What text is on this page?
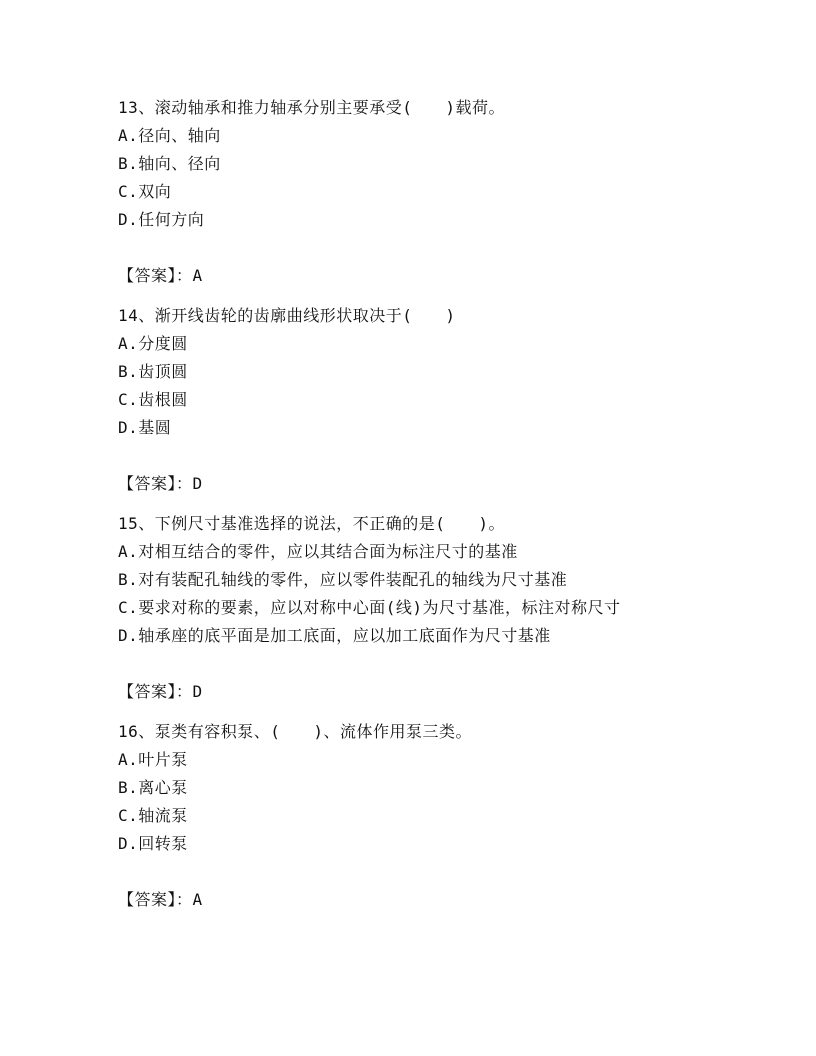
13、滚动轴承和推力轴承分别主要承受(　　)载荷。
A.径向、轴向
B.轴向、径向
C.双向
D.任何方向
【答案】：A
14、渐开线齿轮的齿廓曲线形状取决于(　　)
A.分度圆
B.齿顶圆
C.齿根圆
D.基圆
【答案】：D
15、下例尺寸基准选择的说法，不正确的是(　　)。
A.对相互结合的零件，应以其结合面为标注尺寸的基准
B.对有装配孔轴线的零件，应以零件装配孔的轴线为尺寸基准
C.要求对称的要素，应以对称中心面(线)为尺寸基准，标注对称尺寸
D.轴承座的底平面是加工底面，应以加工底面作为尺寸基准
【答案】：D
16、泵类有容积泵、(　　)、流体作用泵三类。
A.叶片泵
B.离心泵
C.轴流泵
D.回转泵
【答案】：A
